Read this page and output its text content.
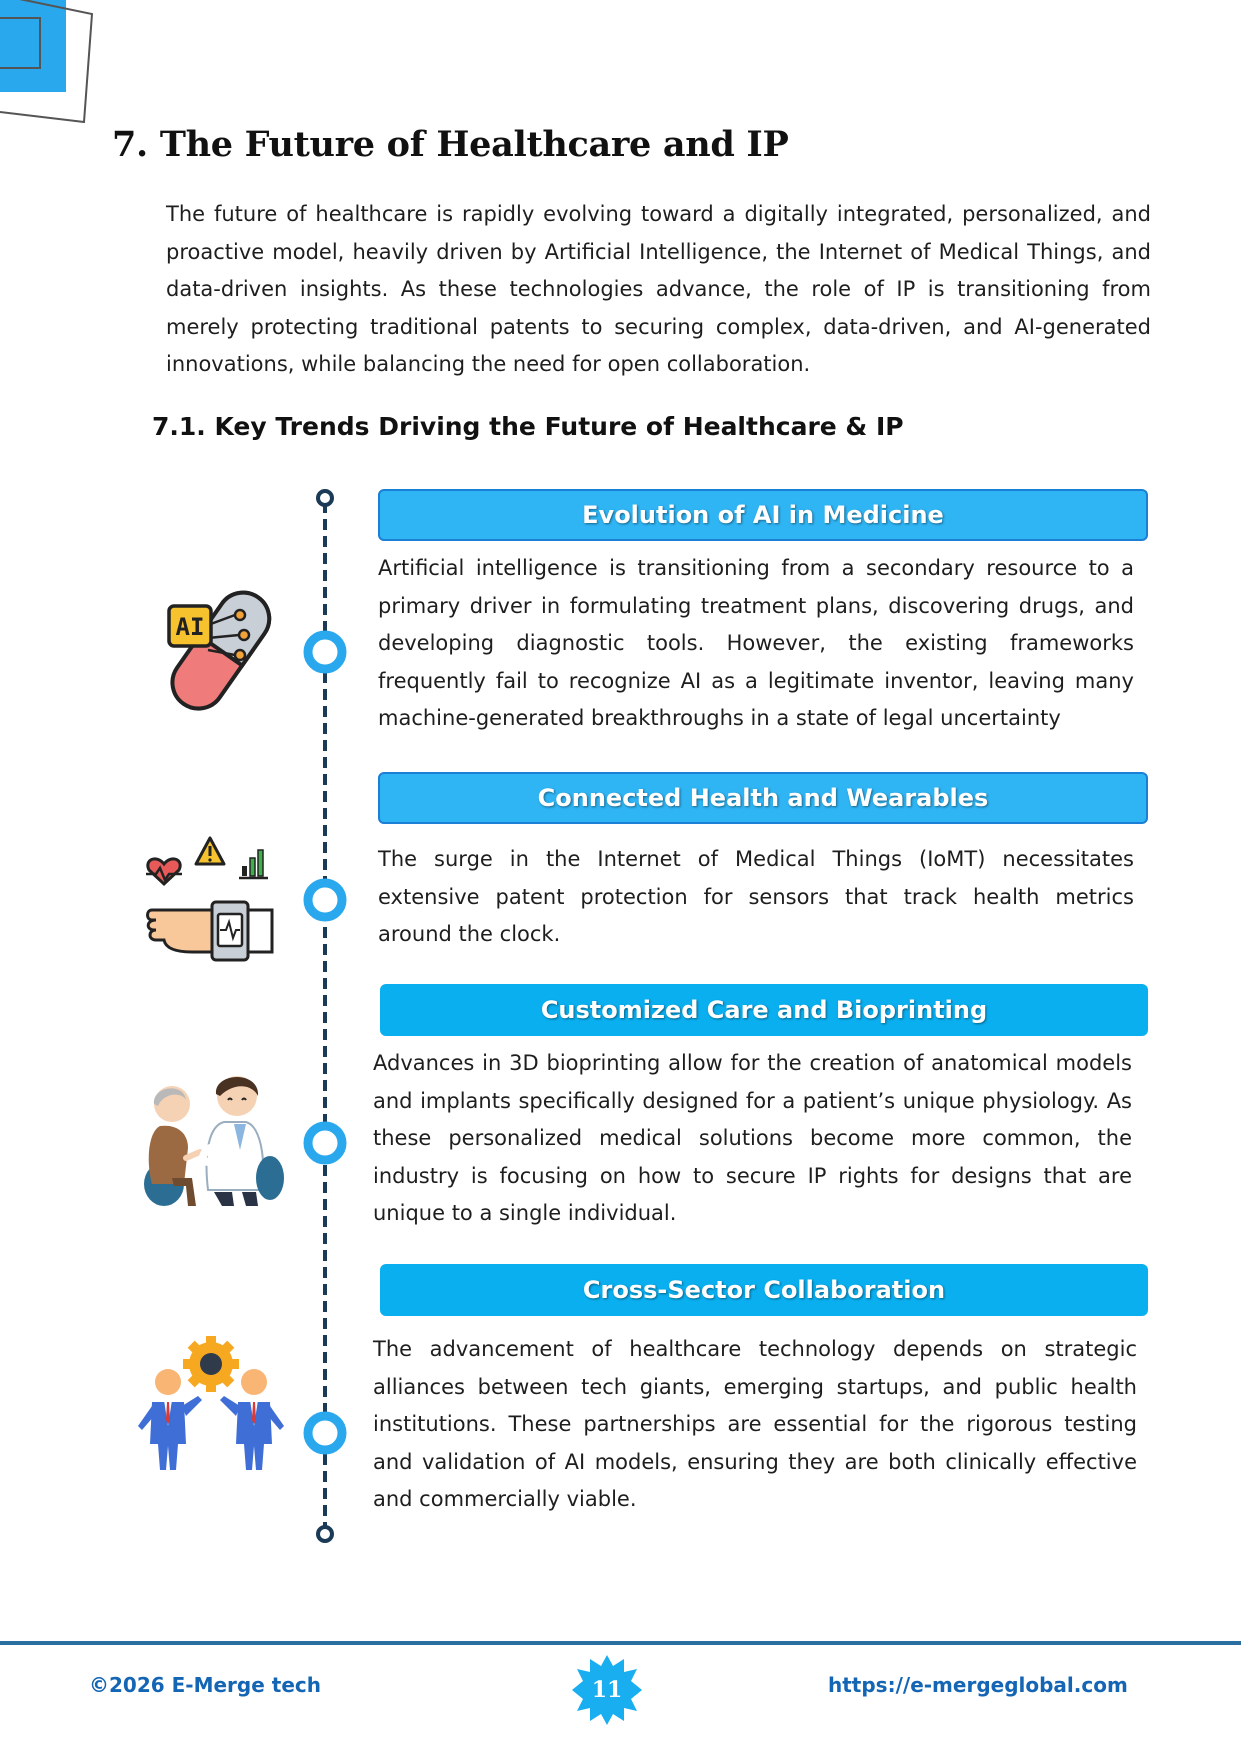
7. The Future of Healthcare and IP

The future of healthcare is rapidly evolving toward a digitally integrated, personalized, and proactive model, heavily driven by Artificial Intelligence, the Internet of Medical Things, and data-driven insights. As these technologies advance, the role of IP is transitioning from merely protecting traditional patents to securing complex, data-driven, and AI-generated innovations, while balancing the need for open collaboration.

7.1. Key Trends Driving the Future of Healthcare & IP
Evolution of AI in Medicine

Artificial intelligence is transitioning from a secondary resource to a primary driver in formulating treatment plans, discovering drugs, and developing diagnostic tools. However, the existing frameworks frequently fail to recognize AI as a legitimate inventor, leaving many machine-generated breakthroughs in a state of legal uncertainty

AI
Connected Health and Wearables

The surge in the Internet of Medical Things (IoMT) necessitates extensive patent protection for sensors that track health metrics around the clock.

Customized Care and Bioprinting

Advances in 3D bioprinting allow for the creation of anatomical models and implants specifically designed for a patient’s unique physiology. As these personalized medical solutions become more common, the industry is focusing on how to secure IP rights for designs that are unique to a single individual.

Cross-Sector Collaboration

The advancement of healthcare technology depends on strategic alliances between tech giants, emerging startups, and public health institutions. These partnerships are essential for the rigorous testing and validation of AI models, ensuring they are both clinically effective and commercially viable.

©2026 E-Merge tech	11	https://e-mergeglobal.com
